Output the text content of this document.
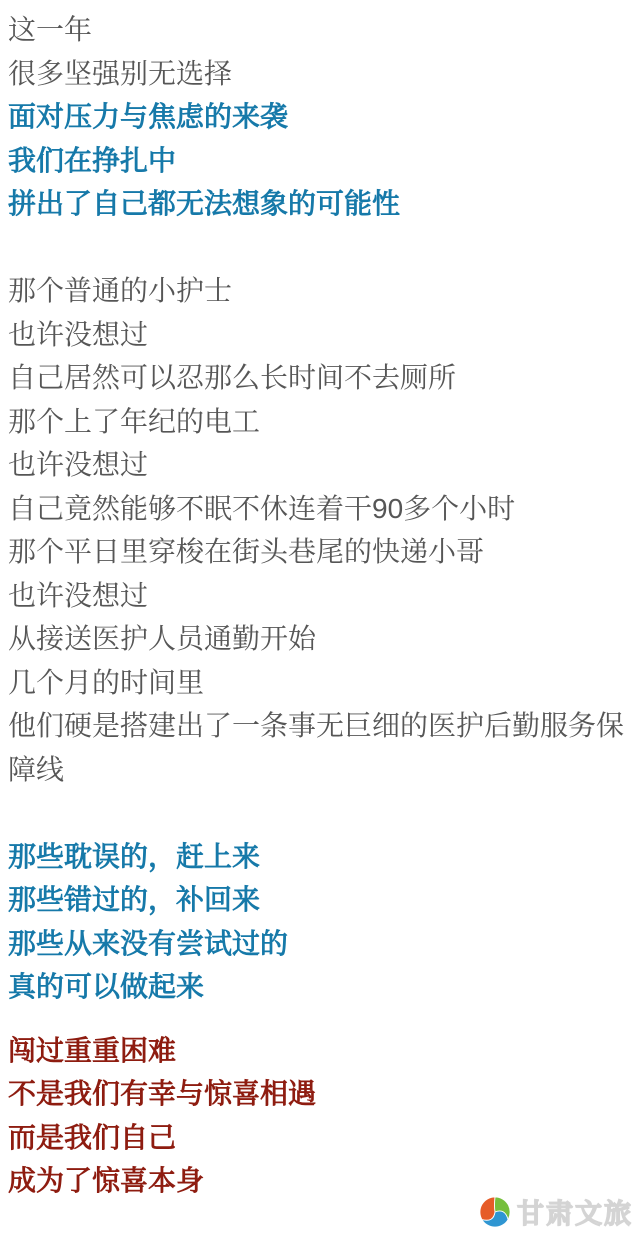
这一年

很多坚强别无选择

面对压力与焦虑的来袭

我们在挣扎中

拼出了自己都无法想象的可能性

那个普通的小护士

也许没想过

自己居然可以忍那么长时间不去厕所

那个上了年纪的电工

也许没想过

自己竟然能够不眠不休连着干90多个小时

那个平日里穿梭在街头巷尾的快递小哥

也许没想过

从接送医护人员通勤开始

几个月的时间里

他们硬是搭建出了一条事无巨细的医护后勤服务保障线

那些耽误的，赶上来

那些错过的，补回来

那些从来没有尝试过的

真的可以做起来

闯过重重困难

不是我们有幸与惊喜相遇

而是我们自己

成为了惊喜本身

甘肃文旅
